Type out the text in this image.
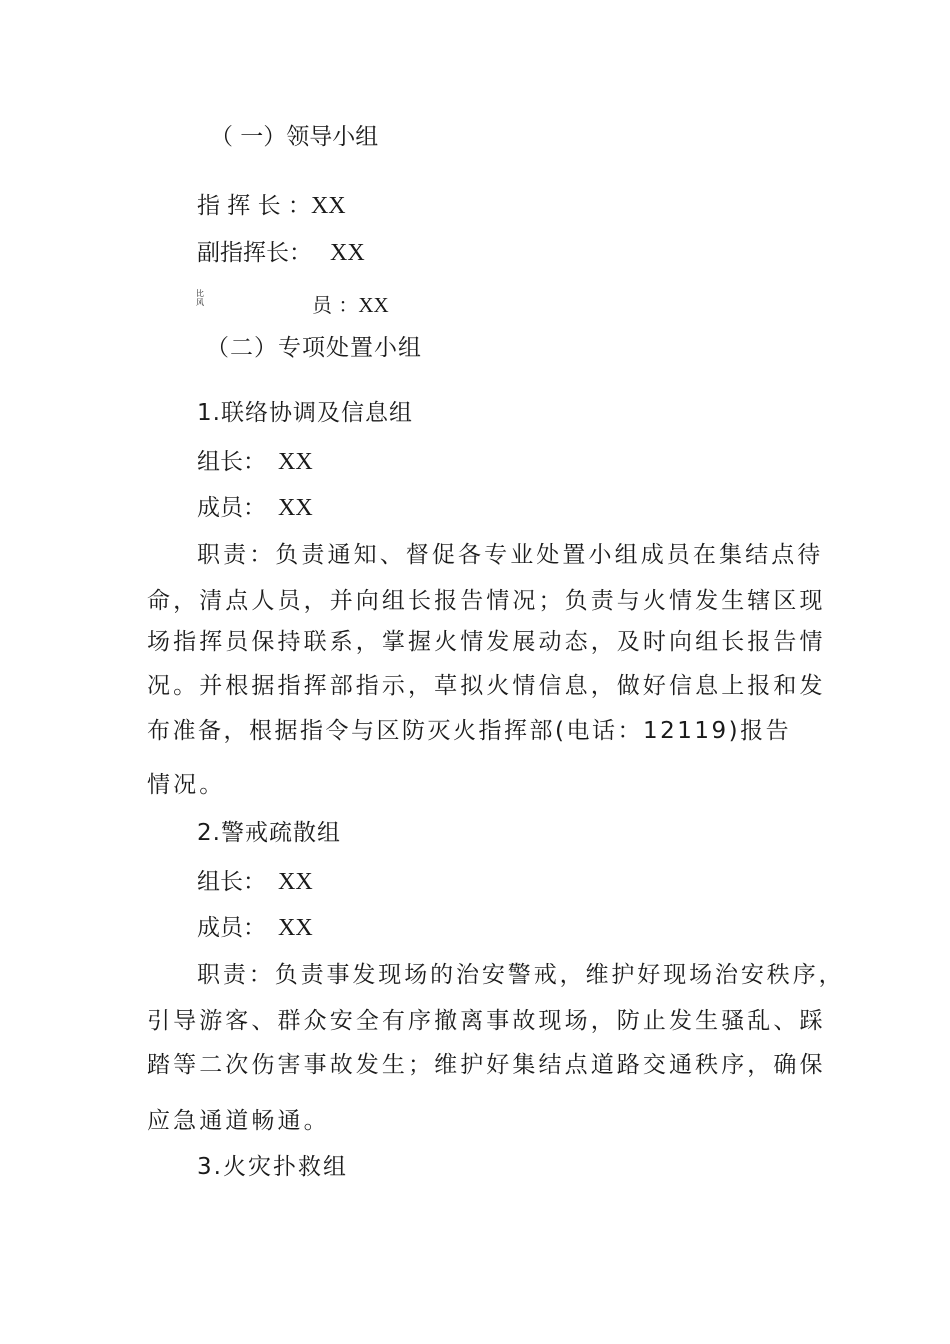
（ 一）领导小组
指 挥 长 ：XX
副指挥长： XX
比 风	员 ：XX
（二）专项处置小组
1.联络协调及信息组
组长： XX
成员： XX
职责：负责通知、督促各专业处置小组成员在集结点待
命，清点人员，并向组长报告情况；负责与火情发生辖区现
场指挥员保持联系，掌握火情发展动态，及时向组长报告情
况。并根据指挥部指示，草拟火情信息，做好信息上报和发
布准备，根据指令与区防灭火指挥部(电话：12119)报告
情况。
2.警戒疏散组
组长： XX
成员： XX
职责：负责事发现场的治安警戒，维护好现场治安秩序，
引导游客、群众安全有序撤离事故现场，防止发生骚乱、踩
踏等二次伤害事故发生；维护好集结点道路交通秩序，确保
应急通道畅通。
3.火灾扑救组
